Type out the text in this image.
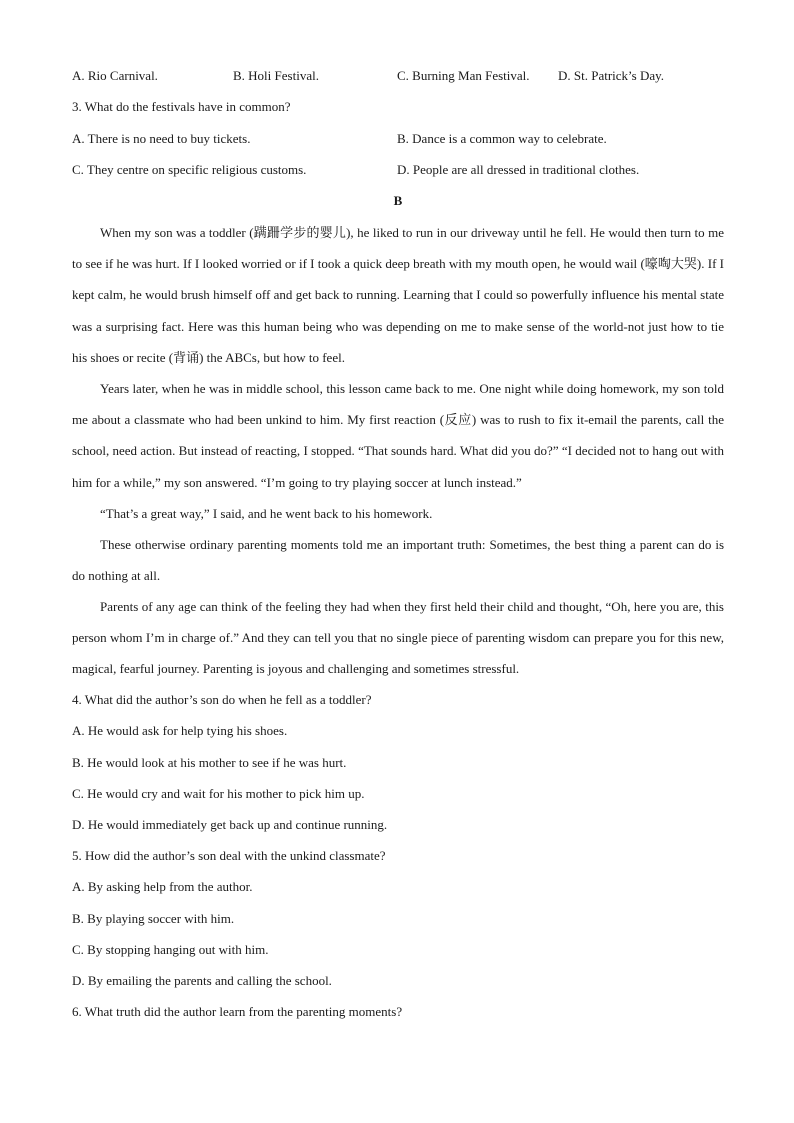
A. Rio Carnival.	B. Holi Festival.	C. Burning Man Festival. D. St. Patrick’s Day.
3. What do the festivals have in common?
A. There is no need to buy tickets.	B. Dance is a common way to celebrate.
C. They centre on specific religious customs.	D. People are all dressed in traditional clothes.
B
When my son was a toddler (蹒跚学步的婴儿), he liked to run in our driveway until he fell. He would then turn to me to see if he was hurt. If I looked worried or if I took a quick deep breath with my mouth open, he would wail (嚎啕大哭). If I kept calm, he would brush himself off and get back to running. Learning that I could so powerfully influence his mental state was a surprising fact. Here was this human being who was depending on me to make sense of the world-not just how to tie his shoes or recite (背诵) the ABCs, but how to feel.
Years later, when he was in middle school, this lesson came back to me. One night while doing homework, my son told me about a classmate who had been unkind to him. My first reaction (反应) was to rush to fix it-email the parents, call the school, need action. But instead of reacting, I stopped. “That sounds hard. What did you do?” “I decided not to hang out with him for a while,” my son answered. “I’m going to try playing soccer at lunch instead.”
“That’s a great way,” I said, and he went back to his homework.
These otherwise ordinary parenting moments told me an important truth: Sometimes, the best thing a parent can do is do nothing at all.
Parents of any age can think of the feeling they had when they first held their child and thought, “Oh, here you are, this person whom I’m in charge of.” And they can tell you that no single piece of parenting wisdom can prepare you for this new, magical, fearful journey. Parenting is joyous and challenging and sometimes stressful.
4. What did the author’s son do when he fell as a toddler?
A. He would ask for help tying his shoes.
B. He would look at his mother to see if he was hurt.
C. He would cry and wait for his mother to pick him up.
D. He would immediately get back up and continue running.
5. How did the author’s son deal with the unkind classmate?
A. By asking help from the author.
B. By playing soccer with him.
C. By stopping hanging out with him.
D. By emailing the parents and calling the school.
6. What truth did the author learn from the parenting moments?
